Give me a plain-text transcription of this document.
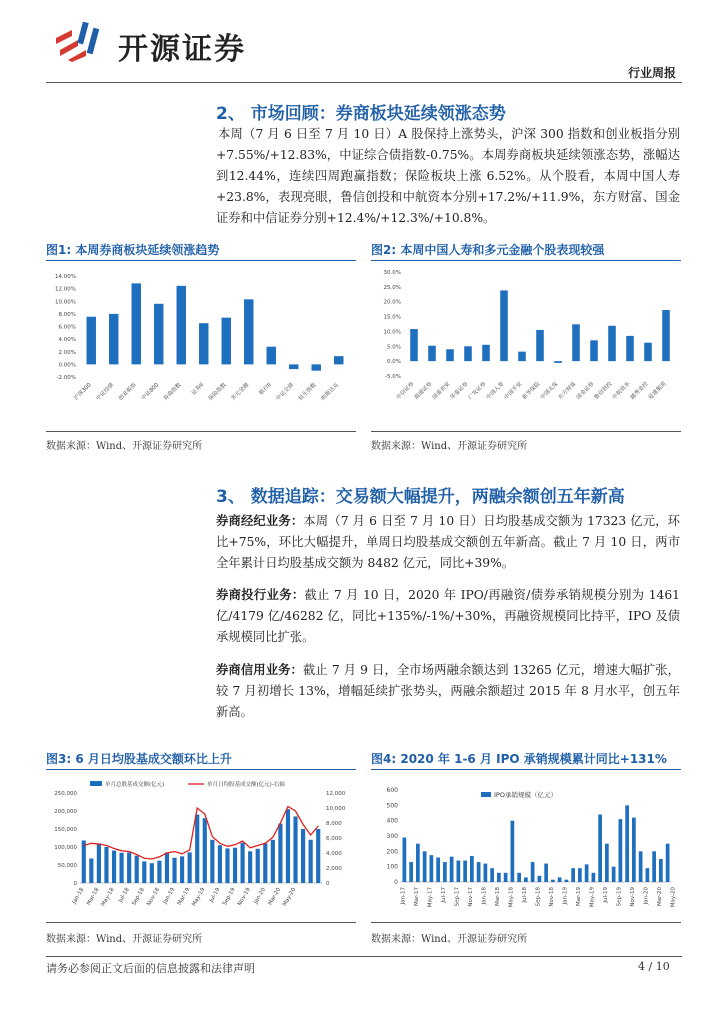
开源证券
行业周报
2、 市场回顾：券商板块延续领涨态势
本周（7 月 6 日至 7 月 10 日）A 股保持上涨势头，沪深 300 指数和创业板指分别+7.55%/+12.83%，中证综合债指数-0.75%。本周券商板块延续领涨态势，涨幅达到12.44%，连续四周跑赢指数；保险板块上涨 6.52%。从个股看，本周中国人寿+23.8%，表现亮眼，鲁信创投和中航资本分别+17.2%/+11.9%，东方财富、国金证券和中信证券分别+12.4%/+12.3%/+10.8%。
图1: 本周券商板块延续领涨趋势	图2: 本周中国人寿和多元金融个股表现较强
-2.00%
0.00%
2.00%
4.00%
6.00%
8.00%
10.00%
12.00%
14.00%
沪深300 中证综债 创业板指 中证800 券商指数 证券II 保险指数 多元金融 银行II 中证全债 恒生指数 纳斯达克
-5.0%
0.0%
5.0%
10.0%
15.0%
20.0%
25.0%
30.0%
中信证券
海通证券
国泰君安
华泰证券
广发证券
中国人寿
中国平安
新华保险
中国太保
东方财富
国金证券
鲁信创投
中航资本
越秀金控
爱建集团
数据来源：Wind、开源证券研究所	数据来源：Wind、开源证券研究所
3、 数据追踪：交易额大幅提升，两融余额创五年新高
券商经纪业务：本周（7 月 6 日至 7 月 10 日）日均股基成交额为 17323 亿元，环比+75%，环比大幅提升，单周日均股基成交额创五年新高。截止 7 月 10 日，两市全年累计日均股基成交额为 8482 亿元，同比+39%。
券商投行业务：截止 7 月 10 日，2020 年 IPO/再融资/债券承销规模分别为 1461 亿/4179 亿/46282 亿，同比+135%/-1%/+30%，再融资规模同比持平，IPO 及债承规模同比扩张。
券商信用业务：截止 7 月 9 日，全市场两融余额达到 13265 亿元，增速大幅扩张，较 7 月初增长 13%，增幅延续扩张势头，两融余额超过 2015 年 8 月水平，创五年新高。
图3: 6 月日均股基成交额环比上升	图4: 2020 年 1-6 月 IPO 承销规模累计同比+131%
0
50,000
100,000
150,000
200,000
250,000
0
2,000
4,000
6,000
8,000
10,000
12,000
Jan-18 Mar-18 May-18 Jul-18 Sep-18 Nov-18 Jan-19 Mar-19 May-19 Jul-19 Sep-19 Nov-19 Jan-20 Mar-20 May-20
单月总股基成交额(亿元)	单月日均股基成交额(亿元)-右轴
0
100
200
300
400
500
600
Jan-17 Mar-17 May-17 Jul-17 Sep-17 Nov-17 Jan-18 Mar-18 May-18 Jul-18 Sep-18 Nov-18 Jan-19 Mar-19 May-19 Jul-19 Sep-19 Nov-19 Jan-20 Mar-20 May-20
IPO承销规模（亿元）
数据来源：Wind、开源证券研究所	数据来源：Wind、开源证券研究所
请务必参阅正文后面的信息披露和法律声明	4 / 10
